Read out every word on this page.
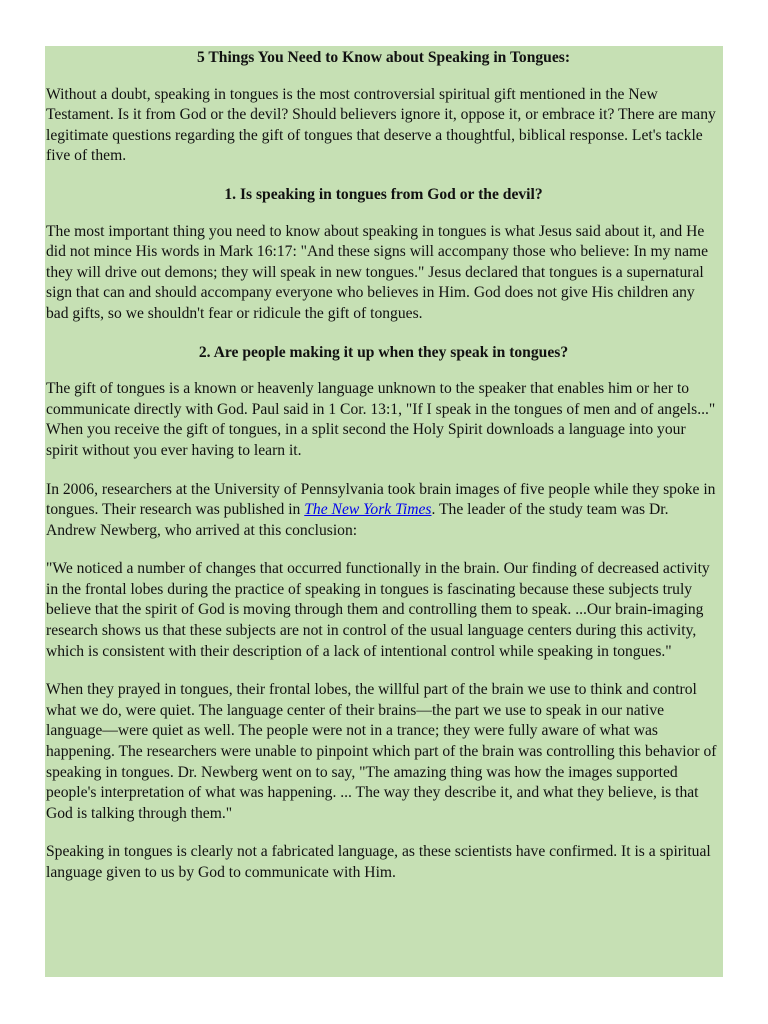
5 Things You Need to Know about Speaking in Tongues:

Without a doubt, speaking in tongues is the most controversial spiritual gift mentioned in the New Testament. Is it from God or the devil? Should believers ignore it, oppose it, or embrace it? There are many legitimate questions regarding the gift of tongues that deserve a thoughtful, biblical response. Let's tackle five of them.

1. Is speaking in tongues from God or the devil?

The most important thing you need to know about speaking in tongues is what Jesus said about it, and He did not mince His words in Mark 16:17: "And these signs will accompany those who believe: In my name they will drive out demons; they will speak in new tongues." Jesus declared that tongues is a supernatural sign that can and should accompany everyone who believes in Him. God does not give His children any bad gifts, so we shouldn't fear or ridicule the gift of tongues.

2. Are people making it up when they speak in tongues?

The gift of tongues is a known or heavenly language unknown to the speaker that enables him or her to communicate directly with God. Paul said in 1 Cor. 13:1, "If I speak in the tongues of men and of angels..." When you receive the gift of tongues, in a split second the Holy Spirit downloads a language into your spirit without you ever having to learn it.

In 2006, researchers at the University of Pennsylvania took brain images of five people while they spoke in tongues. Their research was published in The New York Times. The leader of the study team was Dr. Andrew Newberg, who arrived at this conclusion:

"We noticed a number of changes that occurred functionally in the brain. Our finding of decreased activity in the frontal lobes during the practice of speaking in tongues is fascinating because these subjects truly believe that the spirit of God is moving through them and controlling them to speak. ...Our brain-imaging research shows us that these subjects are not in control of the usual language centers during this activity, which is consistent with their description of a lack of intentional control while speaking in tongues."

When they prayed in tongues, their frontal lobes, the willful part of the brain we use to think and control what we do, were quiet. The language center of their brains—the part we use to speak in our native language—were quiet as well. The people were not in a trance; they were fully aware of what was happening. The researchers were unable to pinpoint which part of the brain was controlling this behavior of speaking in tongues. Dr. Newberg went on to say, "The amazing thing was how the images supported people's interpretation of what was happening. ... The way they describe it, and what they believe, is that God is talking through them."

Speaking in tongues is clearly not a fabricated language, as these scientists have confirmed. It is a spiritual language given to us by God to communicate with Him.
